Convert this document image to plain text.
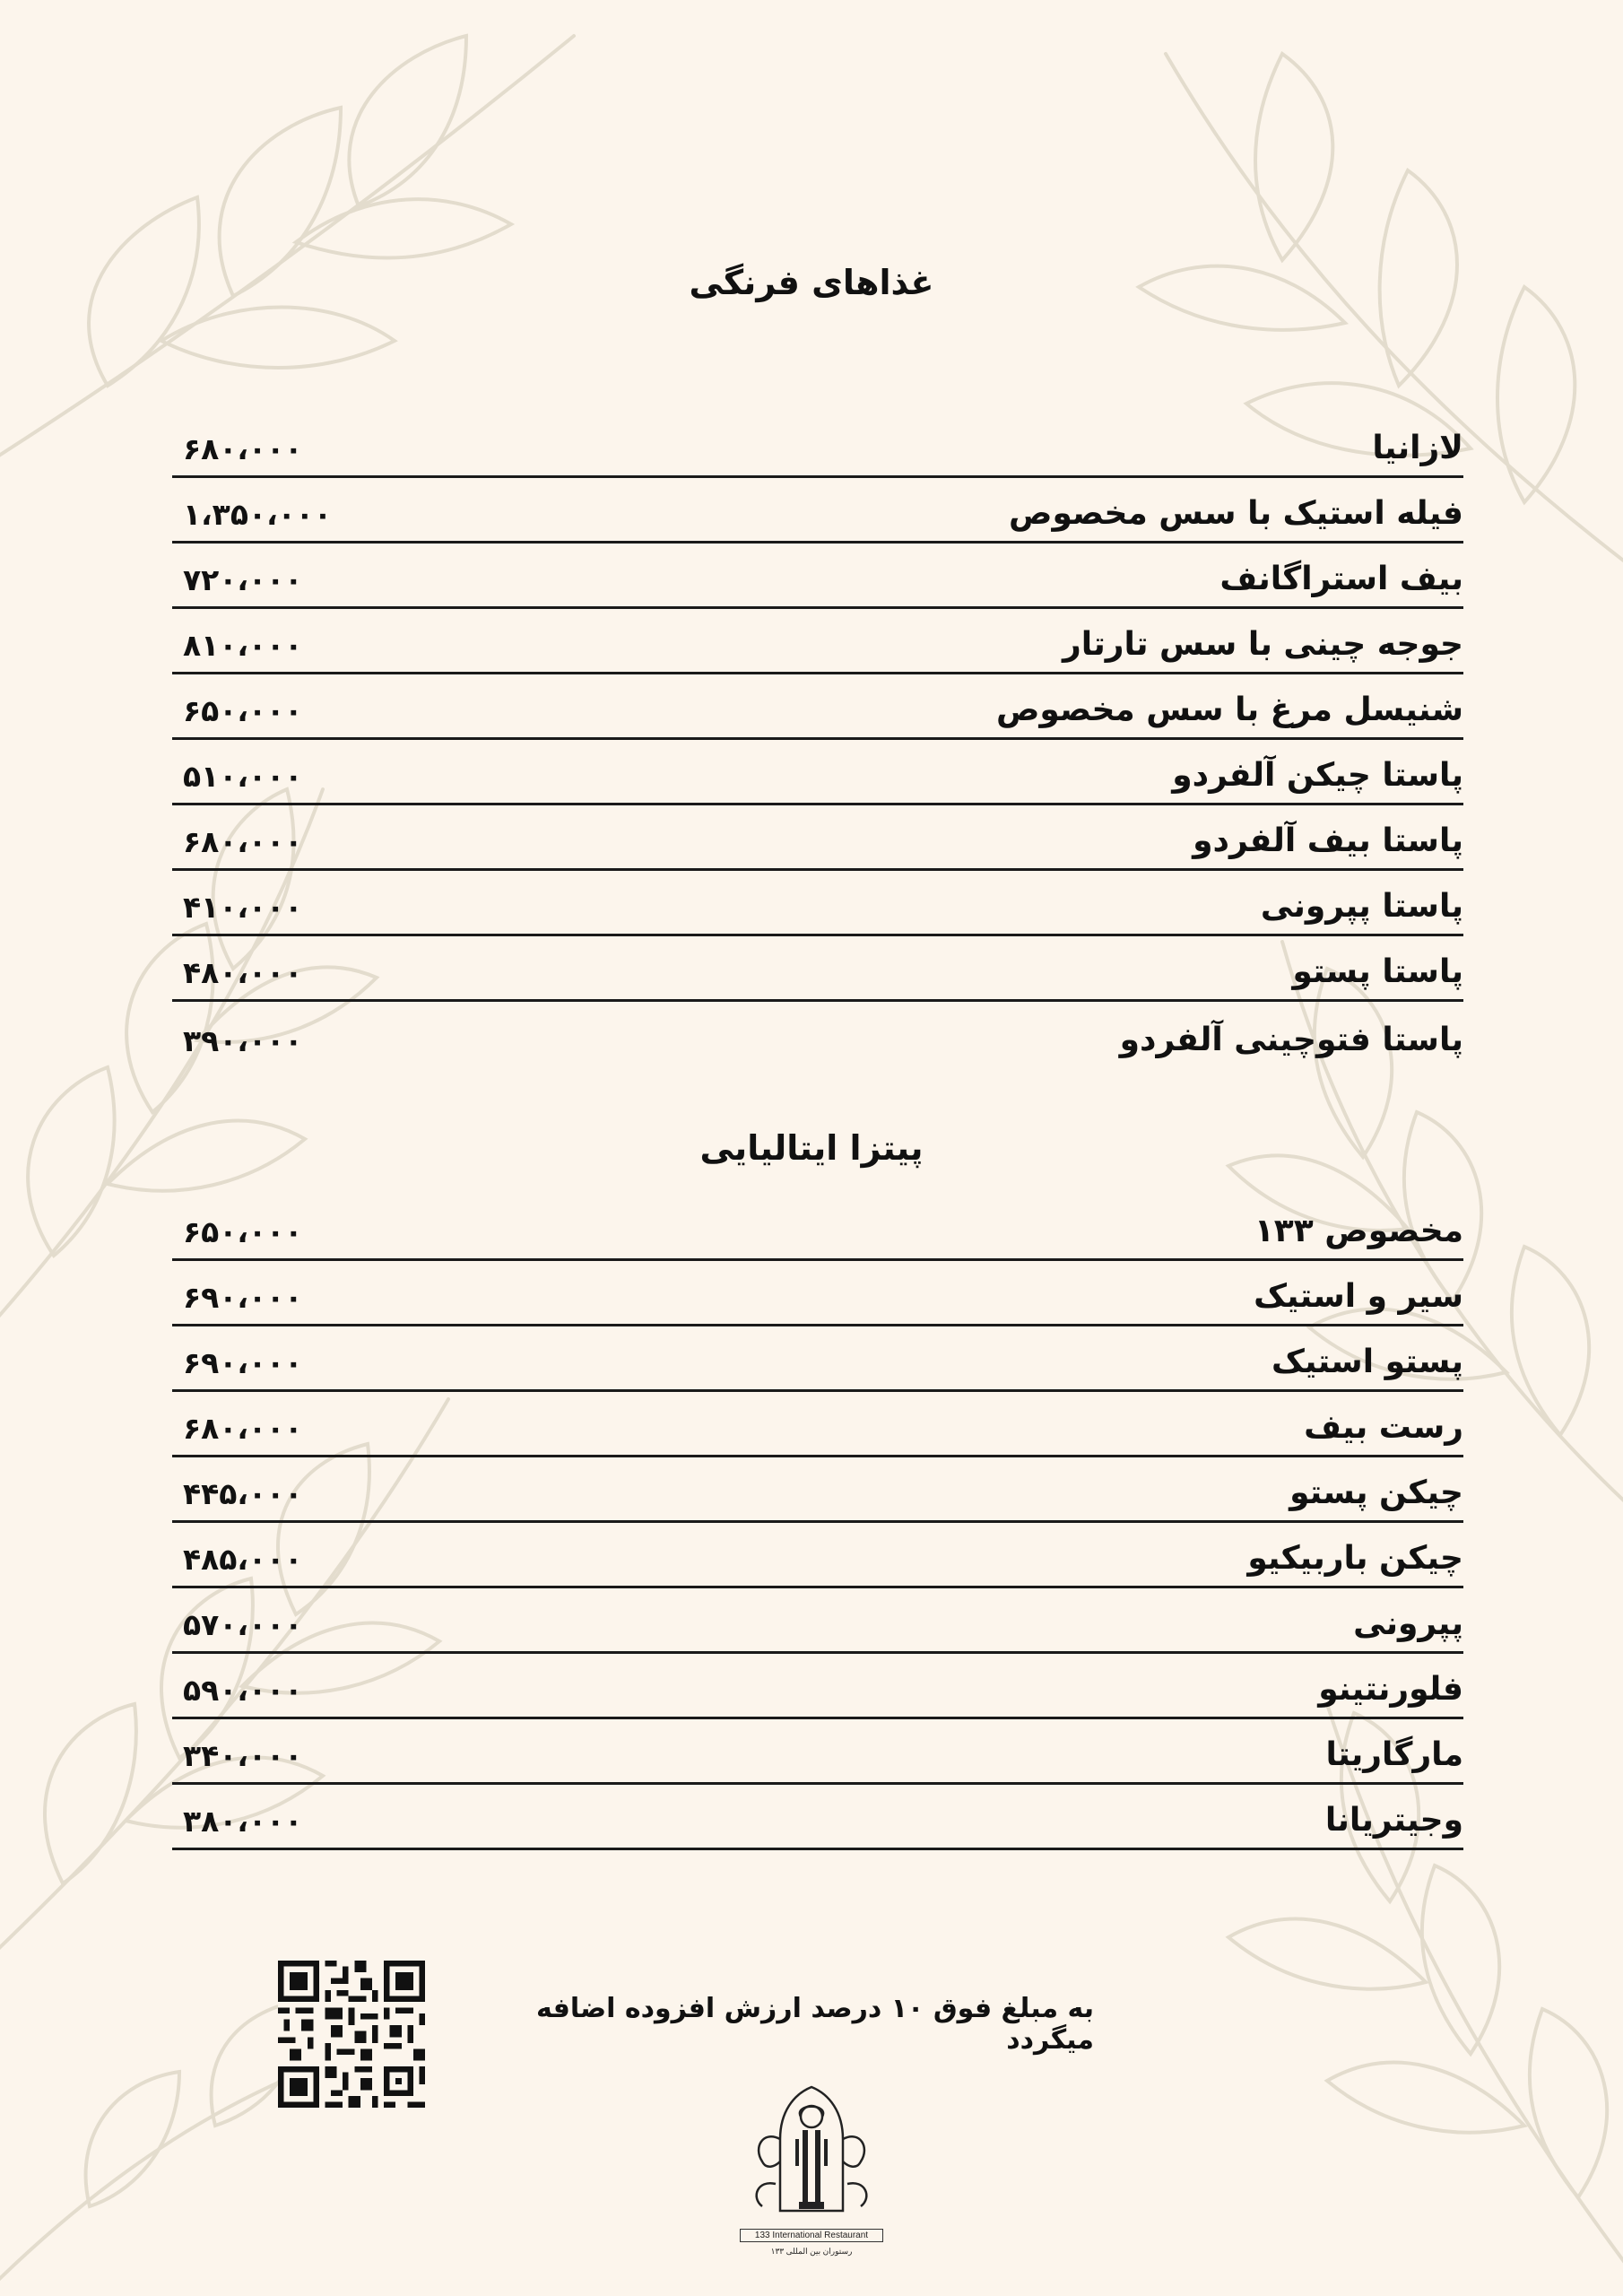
غذاهای فرنگی
لازانیا
۶۸۰،۰۰۰
فیله استیک با سس مخصوص
۱،۳۵۰،۰۰۰
بیف استراگانف
۷۲۰،۰۰۰
جوجه چینی با سس تارتار
۸۱۰،۰۰۰
شنیسل مرغ با سس مخصوص
۶۵۰،۰۰۰
پاستا چیکن آلفردو
۵۱۰،۰۰۰
پاستا بیف آلفردو
۶۸۰،۰۰۰
پاستا پپرونی
۴۱۰،۰۰۰
پاستا پستو
۴۸۰،۰۰۰
پاستا فتوچینی آلفردو
۳۹۰،۰۰۰
پیتزا ایتالیایی
مخصوص ۱۳۳
۶۵۰،۰۰۰
سیر و استیک
۶۹۰،۰۰۰
پستو استیک
۶۹۰،۰۰۰
رست بیف
۶۸۰،۰۰۰
چیکن پستو
۴۴۵،۰۰۰
چیکن باربیکیو
۴۸۵،۰۰۰
پپرونی
۵۷۰،۰۰۰
فلورنتینو
۵۹۰،۰۰۰
مارگاریتا
۳۴۰،۰۰۰
وجیتریانا
۳۸۰،۰۰۰
به مبلغ فوق ۱۰ درصد ارزش افزوده اضافه میگردد
133 International Restaurant
رستوران بین المللی ۱۳۳
